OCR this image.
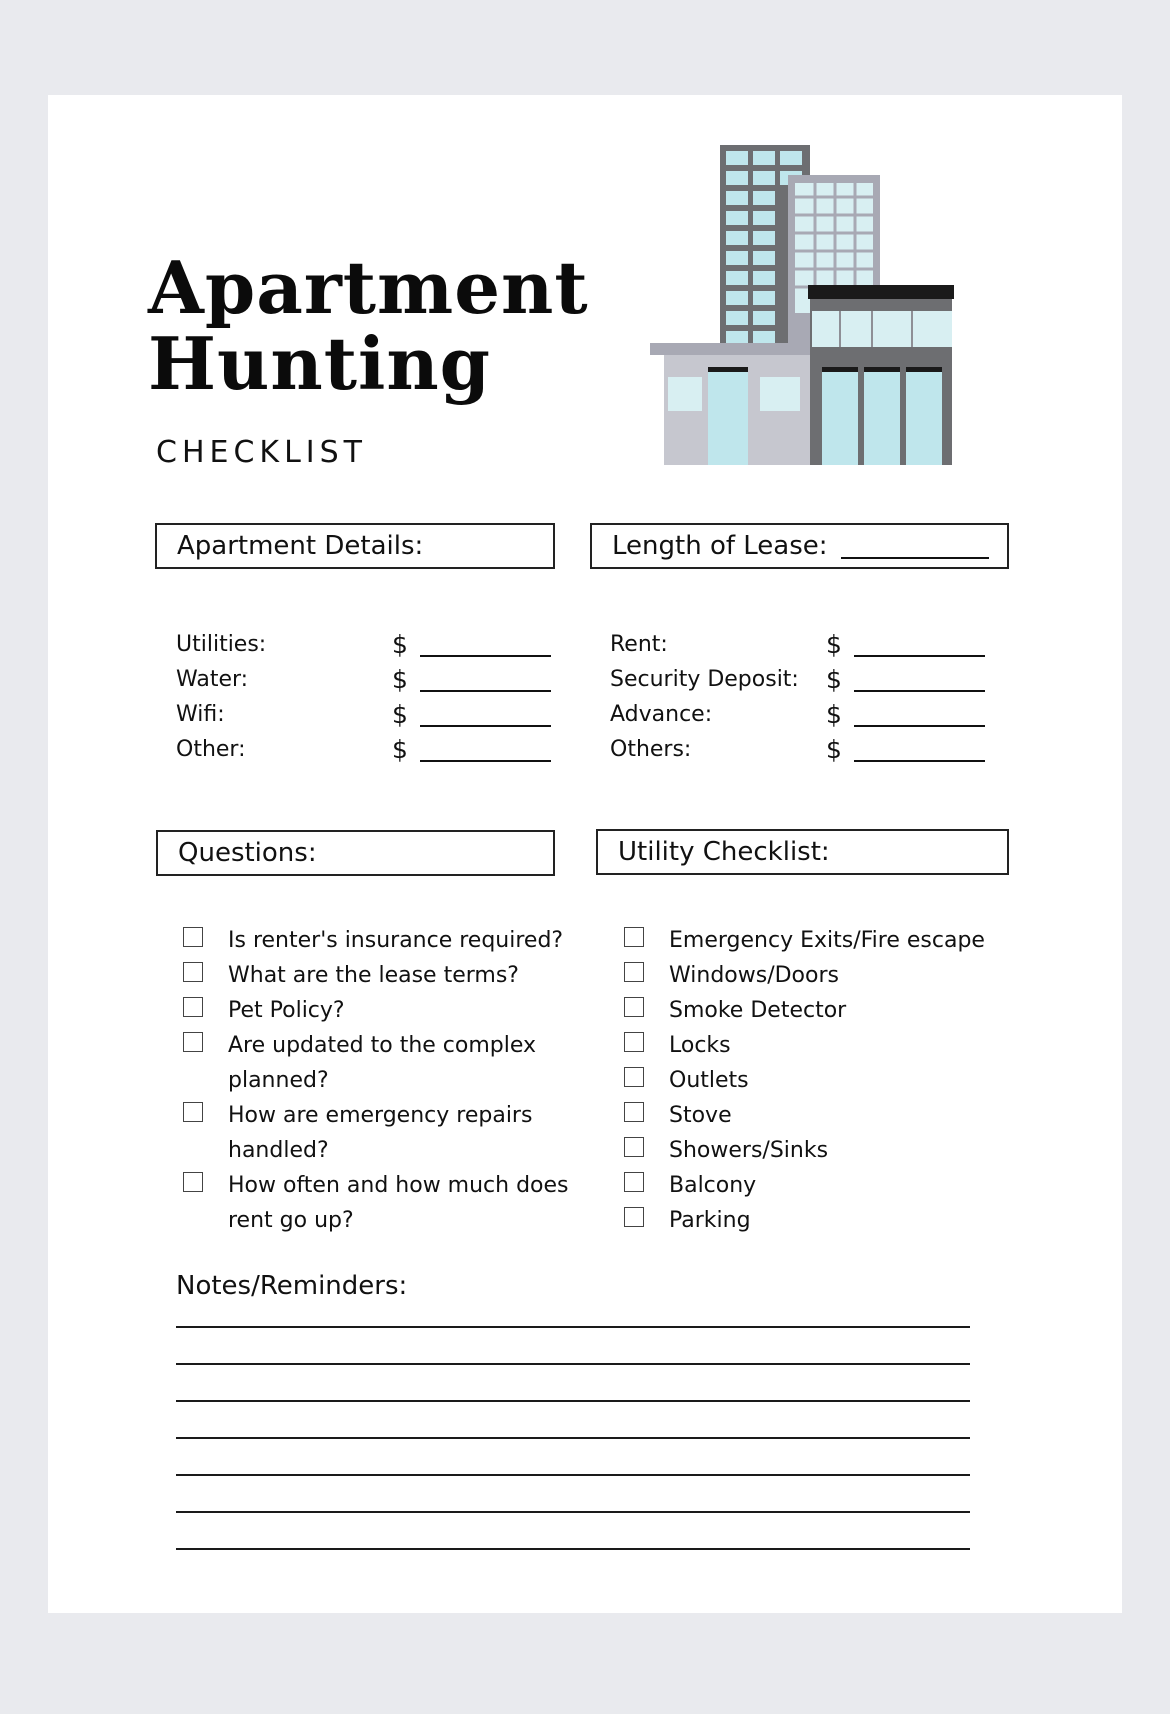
Apartment
Hunting
CHECKLIST
Apartment Details:	Length of Lease:
Utilities:	$
Water:	$
Wifi:	$
Other:	$
Rent:	$
Security Deposit: $
Advance:	$
Others:	$
Questions:	Utility Checklist:
Is renter's insurance required?
What are the lease terms?
Pet Policy?
Are updated to the complex planned?
How are emergency repairs handled?
How often and how much does rent go up?
Emergency Exits/Fire escape
Windows/Doors
Smoke Detector
Locks
Outlets
Stove
Showers/Sinks
Balcony
Parking
Notes/Reminders:
